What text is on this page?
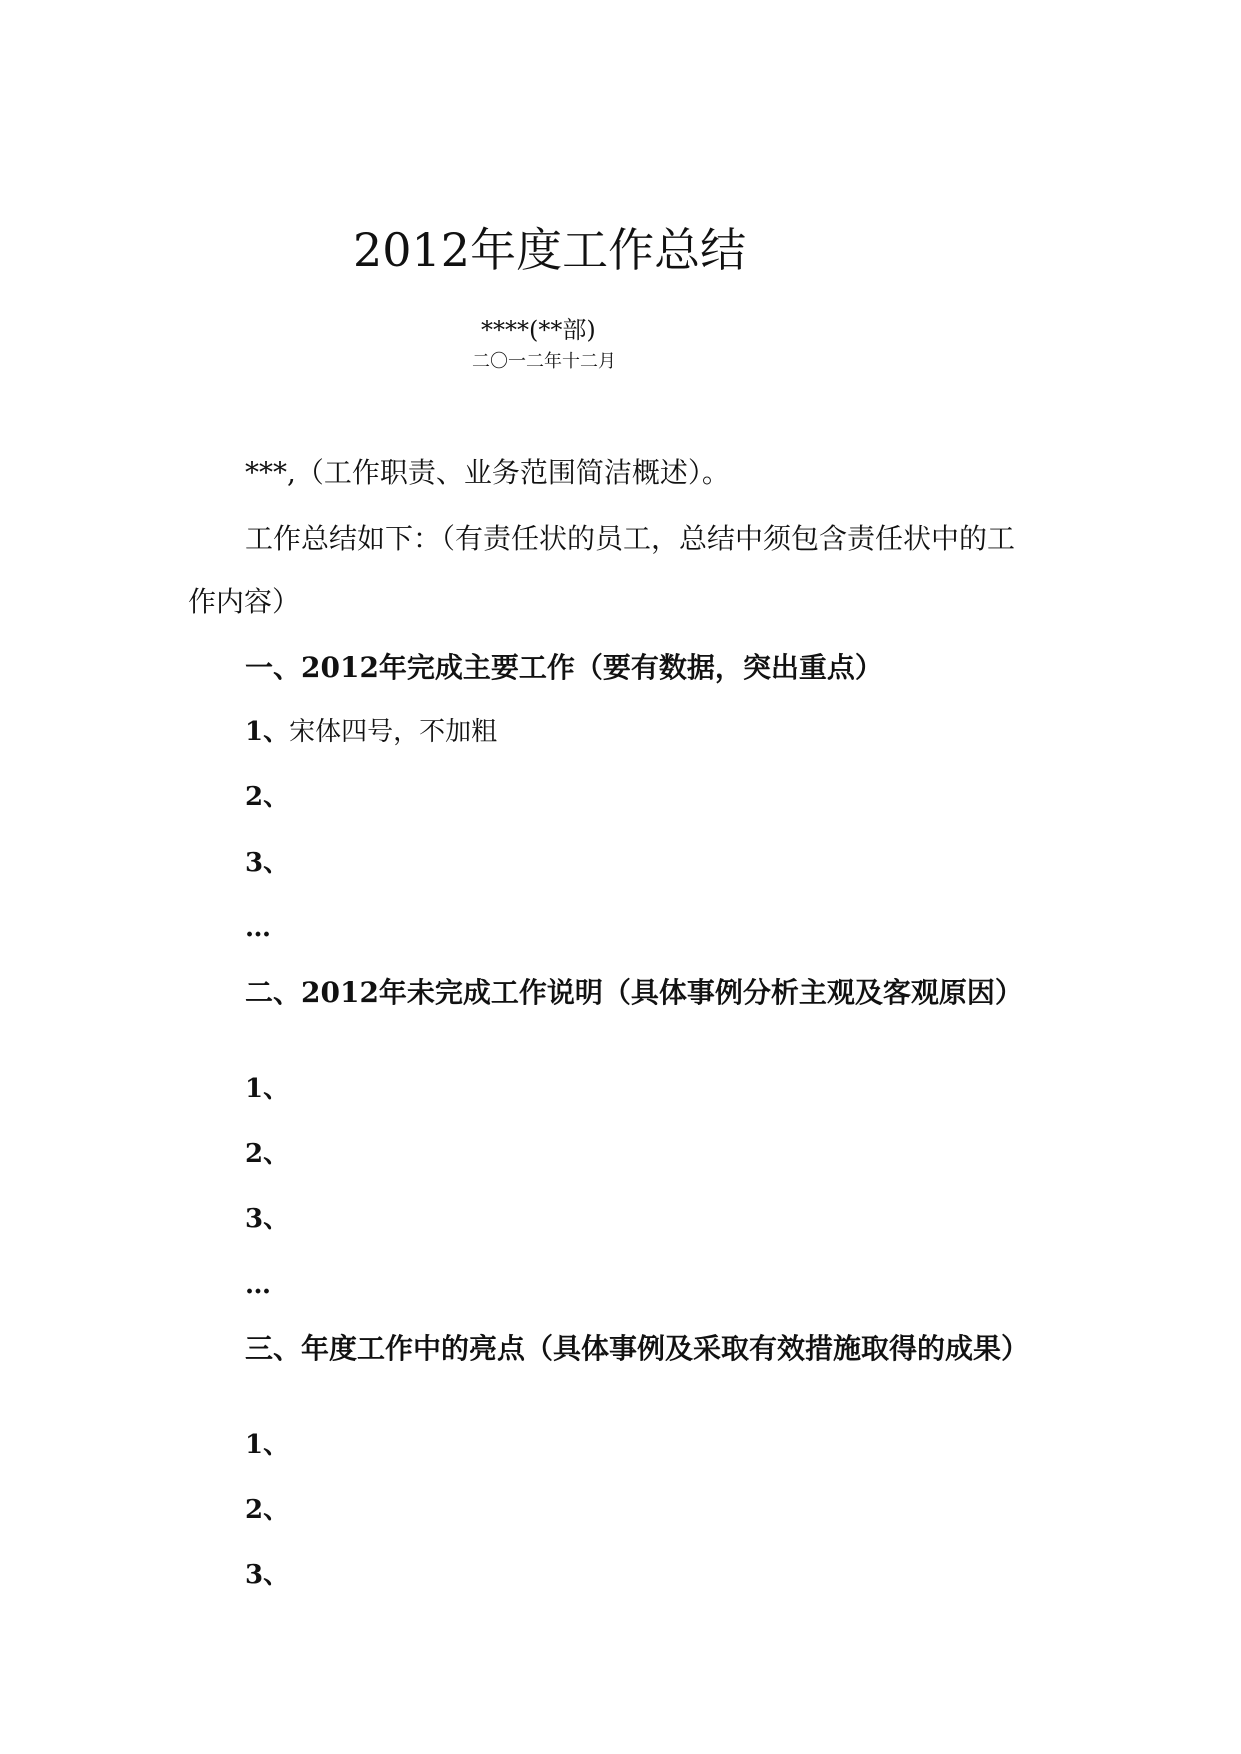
2012年度工作总结
****(**部)
二〇一二年十二月
***,（工作职责、业务范围简洁概述）。
工作总结如下：（有责任状的员工，总结中须包含责任状中的工
作内容）
一、2012年完成主要工作（要有数据，突出重点）
1、宋体四号，不加粗
2、
3、
…
二、2012年未完成工作说明（具体事例分析主观及客观原因）
1、
2、
3、
…
三、年度工作中的亮点（具体事例及采取有效措施取得的成果）
1、
2、
3、
